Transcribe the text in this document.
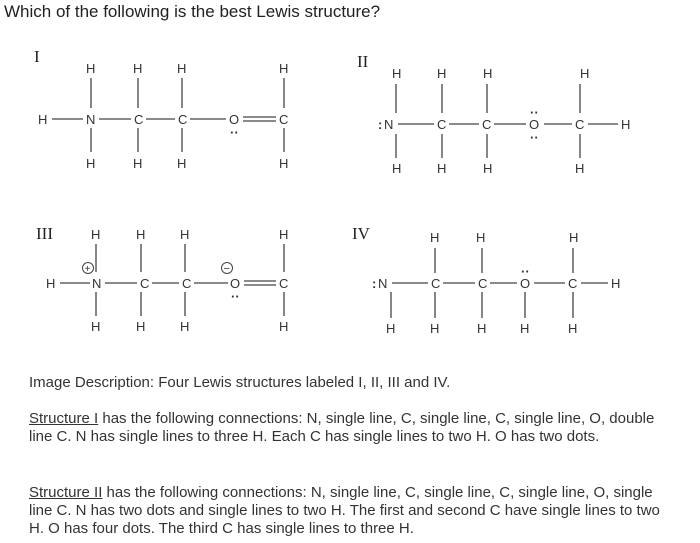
Which of the following is the best Lewis structure?
I
H	H	H	H
H	N	C	C	O
··
C
H	H	H	H
II
H	H	H	H
: N	C	C
··
O
··
C	H
H	H	H	H
III	H	H	H	H
+	−
H	N	C	C	O
··
C
H	H	H	H
IV	H	H	H
: N	C	C
··
O	C	H
H	H	H	H	H
Image Description: Four Lewis structures labeled I, II, III and IV.
Structure I has the following connections: N, single line, C, single line, C, single line, O, double line C. N has single lines to three H. Each C has single lines to two H. O has two dots.
Structure II has the following connections: N, single line, C, single line, C, single line, O, single line C. N has two dots and single lines to two H. The first and second C have single lines to two H. O has four dots. The third C has single lines to three H.
